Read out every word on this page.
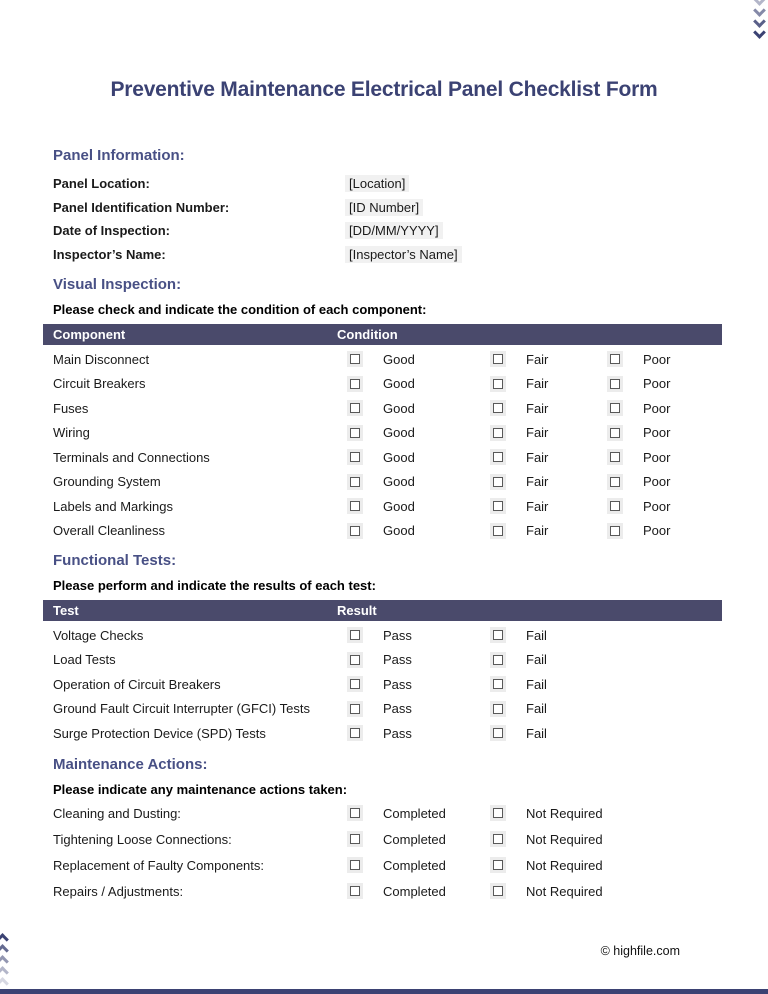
Preventive Maintenance Electrical Panel Checklist Form
Panel Information:
Panel Location:	[Location]
Panel Identification Number:	[ID Number]
Date of Inspection:	[DD/MM/YYYY]
Inspector’s Name:	[Inspector’s Name]
Visual Inspection:
Please check and indicate the condition of each component:
Component	Condition
Main Disconnect	Good	Fair	Poor
Circuit Breakers	Good	Fair	Poor
Fuses	Good	Fair	Poor
Wiring	Good	Fair	Poor
Terminals and Connections	Good	Fair	Poor
Grounding System	Good	Fair	Poor
Labels and Markings	Good	Fair	Poor
Overall Cleanliness	Good	Fair	Poor
Functional Tests:
Please perform and indicate the results of each test:
Test	Result
Voltage Checks	Pass	Fail
Load Tests	Pass	Fail
Operation of Circuit Breakers	Pass	Fail
Ground Fault Circuit Interrupter (GFCI) Tests	Pass	Fail
Surge Protection Device (SPD) Tests	Pass	Fail
Maintenance Actions:
Please indicate any maintenance actions taken:
Cleaning and Dusting:	Completed	Not Required
Tightening Loose Connections:	Completed	Not Required
Replacement of Faulty Components:	Completed	Not Required
Repairs / Adjustments:	Completed	Not Required
© highfile.com
